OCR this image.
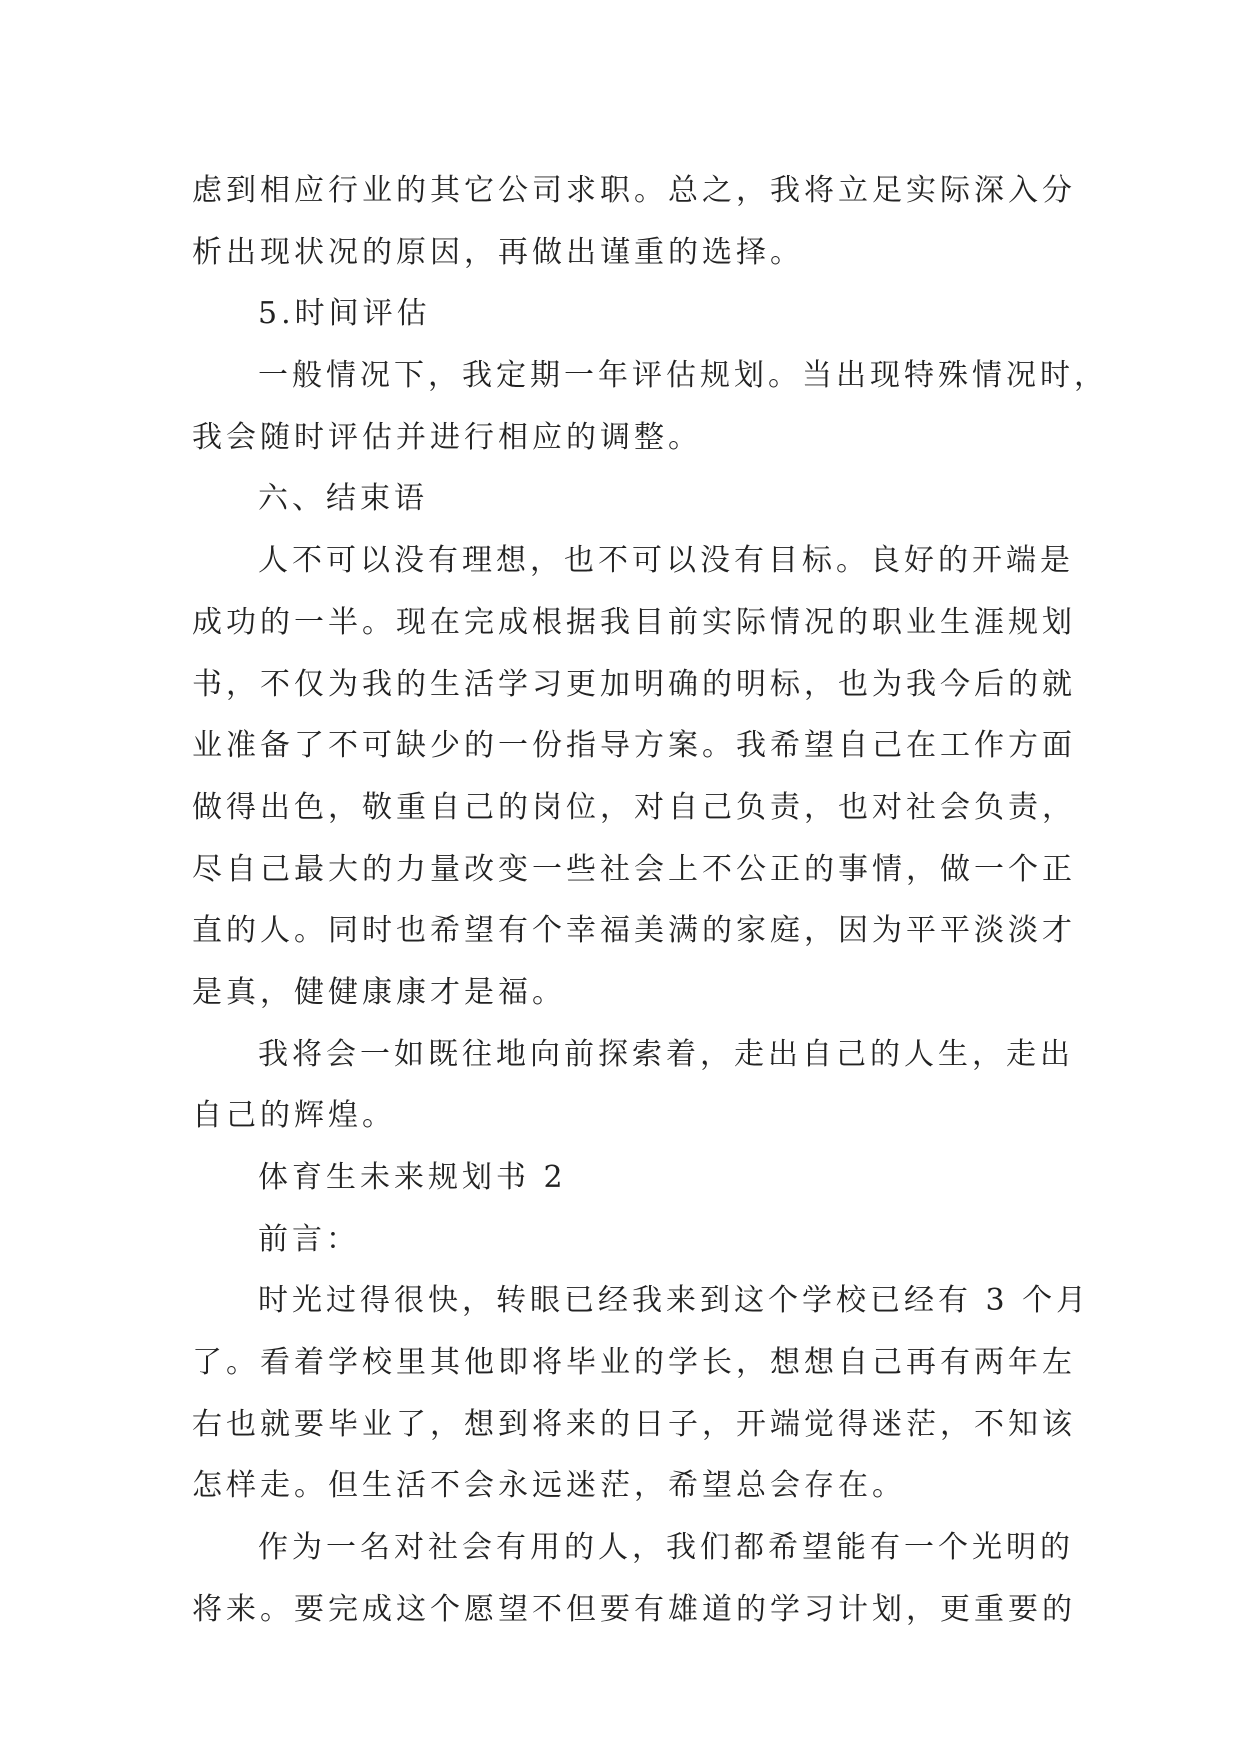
虑到相应行业的其它公司求职。总之，我将立足实际深入分
析出现状况的原因，再做出谨重的选择。
5.时间评估
一般情况下，我定期一年评估规划。当出现特殊情况时，
我会随时评估并进行相应的调整。
六、结束语
人不可以没有理想，也不可以没有目标。良好的开端是
成功的一半。现在完成根据我目前实际情况的职业生涯规划
书，不仅为我的生活学习更加明确的明标，也为我今后的就
业准备了不可缺少的一份指导方案。我希望自己在工作方面
做得出色，敬重自己的岗位，对自己负责，也对社会负责，
尽自己最大的力量改变一些社会上不公正的事情，做一个正
直的人。同时也希望有个幸福美满的家庭，因为平平淡淡才
是真，健健康康才是福。
我将会一如既往地向前探索着，走出自己的人生，走出
自己的辉煌。
体育生未来规划书 2
前言：
时光过得很快，转眼已经我来到这个学校已经有 3 个月
了。看着学校里其他即将毕业的学长，想想自己再有两年左
右也就要毕业了，想到将来的日子，开端觉得迷茫，不知该
怎样走。但生活不会永远迷茫，希望总会存在。
作为一名对社会有用的人，我们都希望能有一个光明的
将来。要完成这个愿望不但要有雄道的学习计划，更重要的
